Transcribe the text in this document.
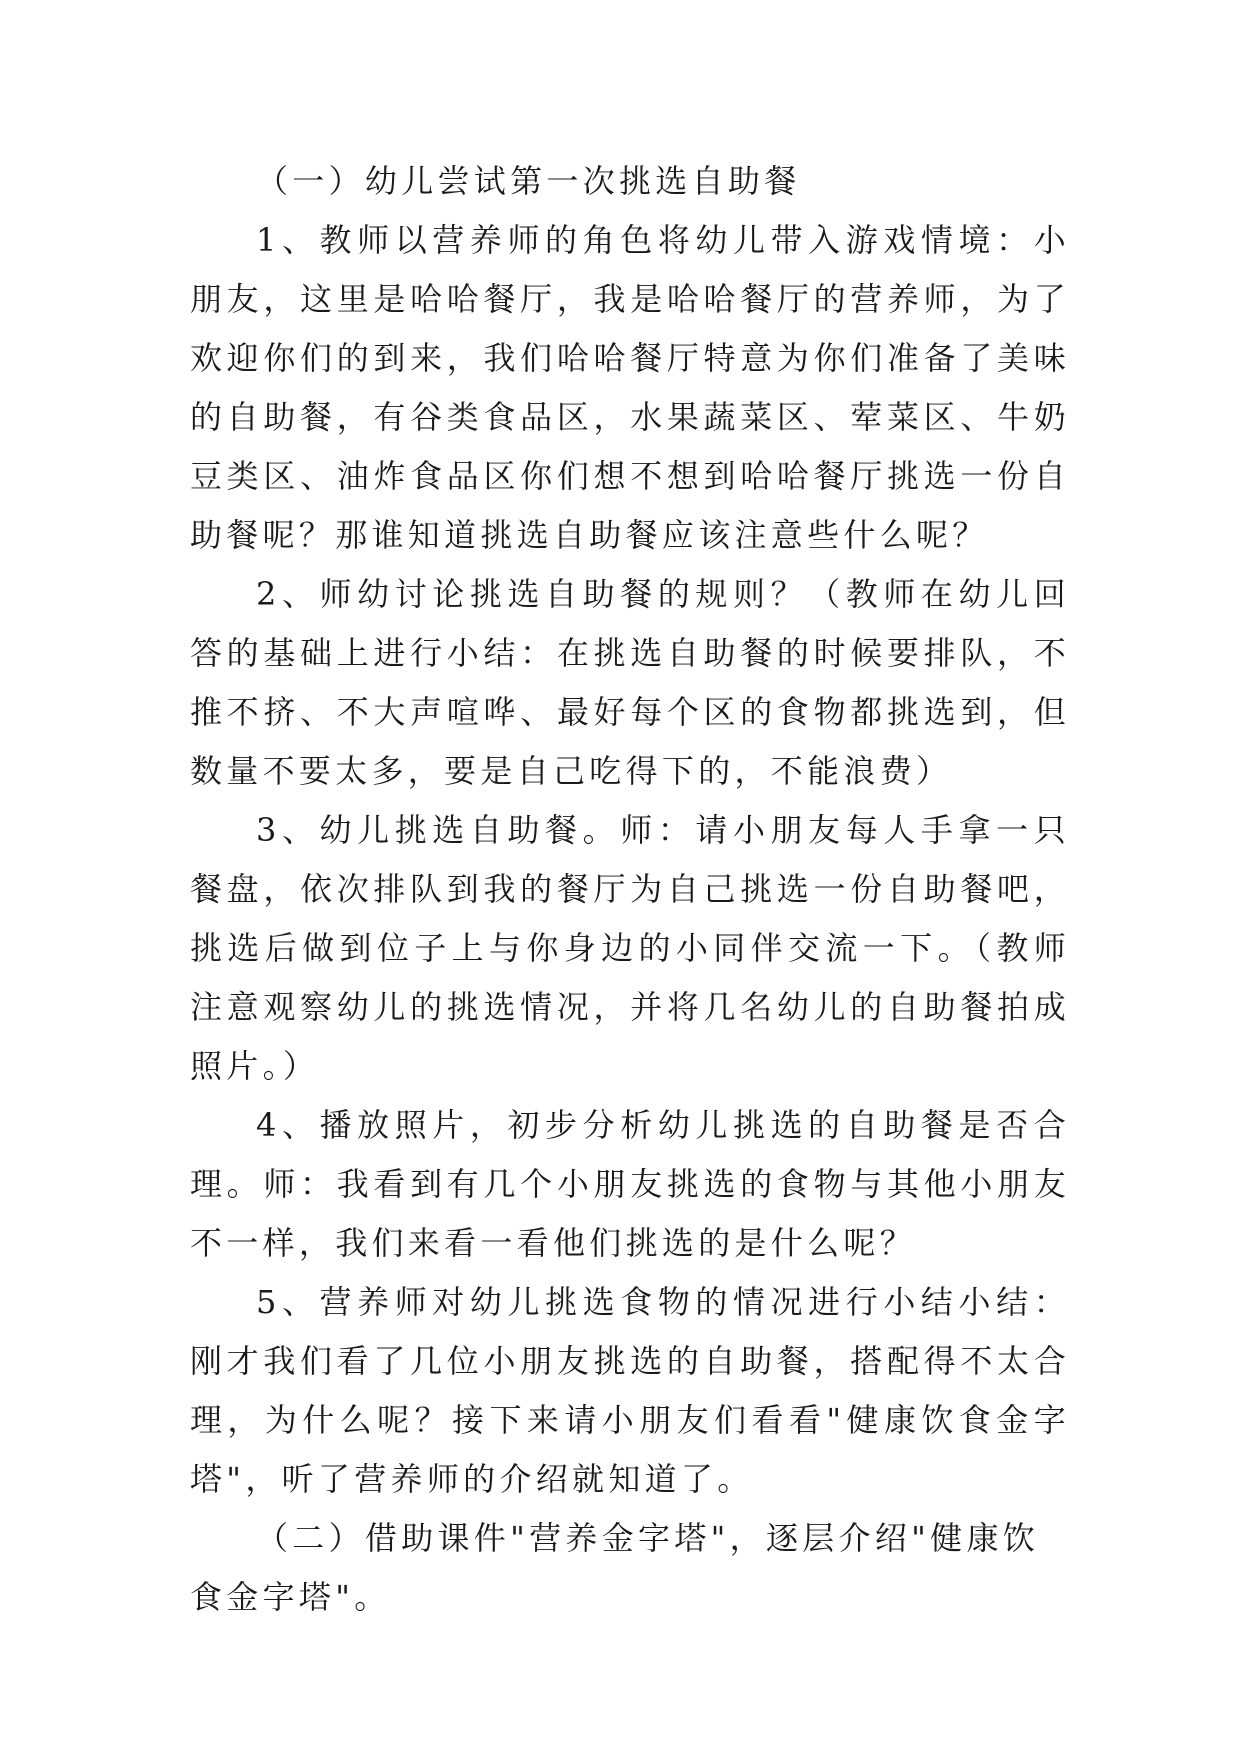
（一）幼儿尝试第一次挑选自助餐

1、教师以营养师的角色将幼儿带入游戏情境：小朋友，这里是哈哈餐厅，我是哈哈餐厅的营养师，为了欢迎你们的到来，我们哈哈餐厅特意为你们准备了美味的自助餐，有谷类食品区，水果蔬菜区、荤菜区、牛奶豆类区、油炸食品区你们想不想到哈哈餐厅挑选一份自助餐呢？那谁知道挑选自助餐应该注意些什么呢？

2、师幼讨论挑选自助餐的规则？（教师在幼儿回答的基础上进行小结：在挑选自助餐的时候要排队，不推不挤、不大声喧哗、最好每个区的食物都挑选到，但数量不要太多，要是自己吃得下的，不能浪费）

3、幼儿挑选自助餐。师：请小朋友每人手拿一只餐盘，依次排队到我的餐厅为自己挑选一份自助餐吧，挑选后做到位子上与你身边的小同伴交流一下。（教师注意观察幼儿的挑选情况，并将几名幼儿的自助餐拍成照片。）

4、播放照片，初步分析幼儿挑选的自助餐是否合理。师：我看到有几个小朋友挑选的食物与其他小朋友不一样，我们来看一看他们挑选的是什么呢？

5、营养师对幼儿挑选食物的情况进行小结小结：刚才我们看了几位小朋友挑选的自助餐，搭配得不太合理，为什么呢？接下来请小朋友们看看"健康饮食金字塔"，听了营养师的介绍就知道了。

（二）借助课件"营养金字塔"，逐层介绍"健康饮食金字塔"。
